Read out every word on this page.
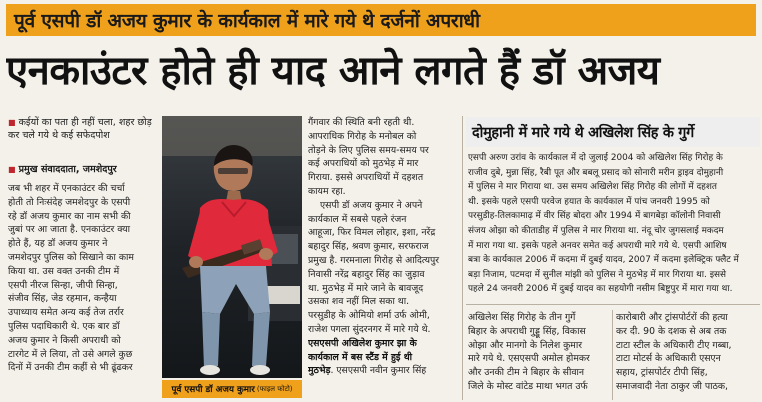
पूर्व एसपी डॉ अजय कुमार के कार्यकाल में मारे गये थे दर्जनों अपराधी
एनकाउंटर होते ही याद आने लगते हैं डॉ अजय
■ कईयों का पता ही नहीं चला, शहर छोड़ कर चले गये थे कई सफेदपोश
■ प्रमुख संवाददाता, जमशेदपुर
जब भी शहर में एनकाउंटर की चर्चा
होती तो निःसंदेह जमशेदपुर के एसपी
रहे डॉ अजय कुमार का नाम सभी की
जुबां पर आ जाता है. एनकाउंटर क्या
होते हैं, यह डॉ अजय कुमार ने
जमशेदपुर पुलिस को सिखाने का काम
किया था. उस वक्त उनकी टीम में
एसपी नीरज सिन्हा, जीपी सिन्हा,
संजीव सिंह, जेड रहमान, कन्हैया
उपाध्याय समेत अन्य कई तेज तर्रार
पुलिस पदाधिकारी थे. एक बार डॉ
अजय कुमार ने किसी अपराधी को
टारगेट में ले लिया, तो उसे अगले कुछ
दिनों में उनकी टीम कहीं से भी ढूंढकर
पूर्व एसपी डॉ अजय कुमार (फाइल फोटो)
गैंगवार की स्थिति बनी रहती थी.
आपराधिक गिरोह के मनोबल को
तोड़ने के लिए पुलिस समय-समय पर
कई अपराधियों को मुठभेड़ में मार
गिराया. इससे अपराधियों में दहशत
कायम रहा.
एसपी डॉ अजय कुमार ने अपने
कार्यकाल में सबसे पहले रंजन
आहूजा, फिर विमल लोहार, इशा, नरेंद्र
बहादुर सिंह, श्रवण कुमार, सरफराज
प्रमुख है. गरमनाला गिरोह से आदित्यपुर
निवासी नरेंद्र बहादुर सिंह का जुड़ाव
था. मुठभेड़ में मारे जाने के बावजूद
उसका शव नहीं मिल सका था.
परसुडीह के ओमियो शर्मा उर्फ ओमी,
राजेश पगला सुंदरनगर में मारे गये थे.
एसएसपी अखिलेश कुमार झा के
कार्यकाल में बस स्टैंड में हुई थी
मुठभेड़. एसएसपी नवीन कुमार सिंह
दोमुहानी में मारे गये थे अखिलेश सिंह के गुर्गे
एसपी अरुण उरांव के कार्यकाल में दो जुलाई 2004 को अखिलेश सिंह गिरोह के
राजीव दुबे, मुन्ना सिंह, रैबी पूत और बबलू प्रसाद को सोनारी मरीन ड्राइव दोमुहानी
में पुलिस ने मार गिराया था. उस समय अखिलेश सिंह गिरोह की लोगों में दहशत
थी. इसके पहले एसपी परवेज हयात के कार्यकाल में पांच जनवरी 1995 को
परसुडीह-तिलकामाढ़ में वीर सिंह बोदरा और 1994 में बागबेड़ा कॉलोनी निवासी
संजय ओझा को कीताडीह में पुलिस ने मार गिराया था. नंदू चोर जुगसलाई मकदम
में मारा गया था. इसके पहले अनवर समेत कई अपराधी मारे गये थे. एसपी आशिष
बत्रा के कार्यकाल 2006 में कदमा में दुबई यादव, 2007 में कदमा इलेक्ट्रिक फ्लैट में
बड़ा निजाम, पटमदा में सुनील मांझी को पुलिस ने मुठभेड़ में मार गिराया था. इससे
पहले 24 जनवरी 2006 में दुबई यादव का सहयोगी नसीम बिष्टुपुर में मारा गया था.
अखिलेश सिंह गिरोह के तीन गुर्गे
बिहार के अपराधी गुड्डू सिंह, विकास
ओझा और मानगो के निलेश कुमार
मारे गये थे. एसएसपी अमोल होमकर
और उनकी टीम ने बिहार के सीवान
जिले के मोस्ट वांटेड माथा भगत उर्फ
कारोबारी और ट्रांसपोर्टरों की हत्या
कर दी. 90 के दशक से अब तक
टाटा स्टील के अधिकारी टीए गब्बा,
टाटा मोटर्स के अधिकारी एसएन
सहाय, ट्रांसपोर्टर टीपी सिंह,
समाजवादी नेता ठाकुर जी पाठक,
